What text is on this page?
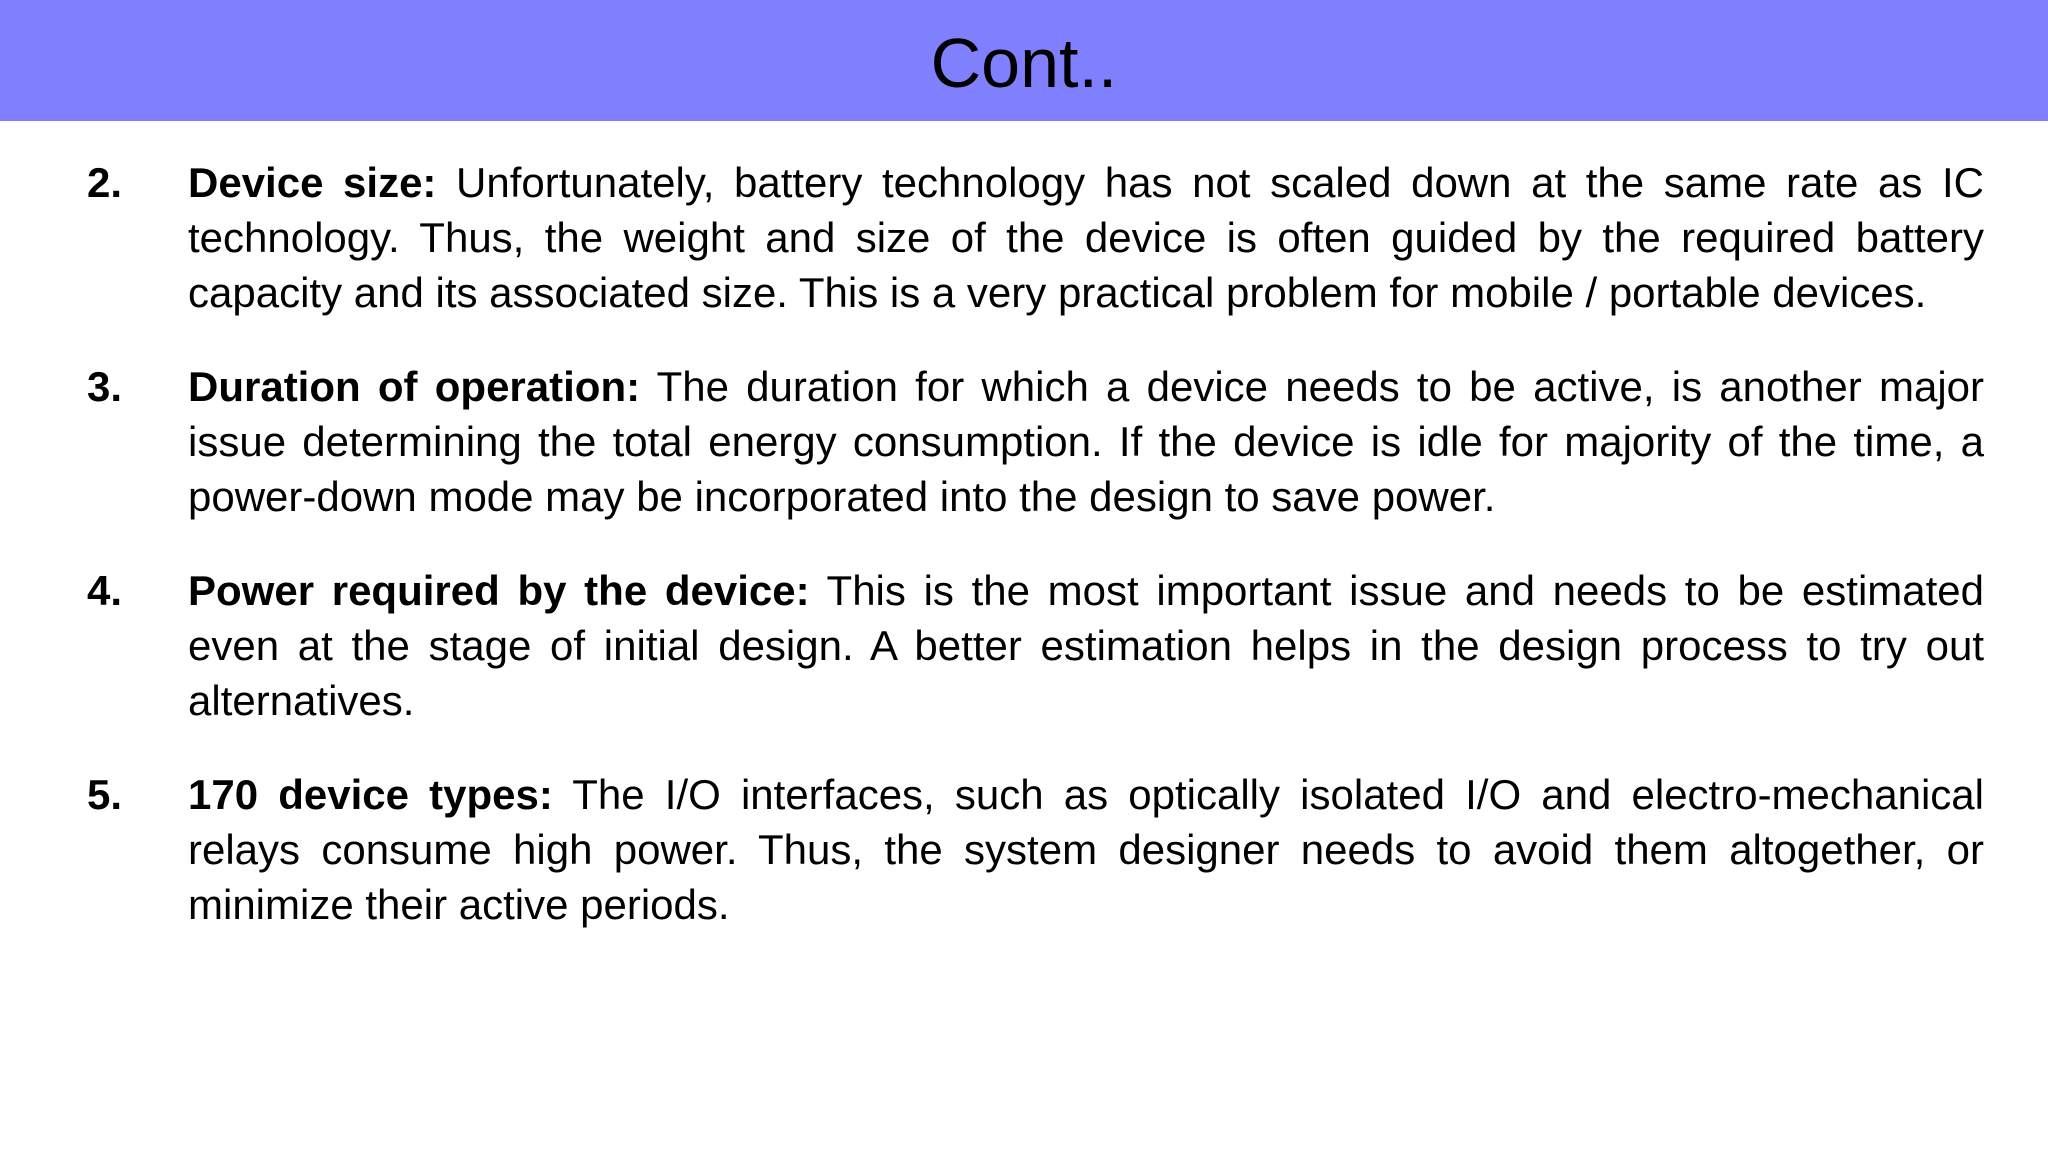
Cont..
2.	Device size: Unfortunately, battery technology has not scaled down at the same rate as IC technology. Thus, the weight and size of the device is often guided by the required battery capacity and its associated size. This is a very practical problem for mobile / portable devices.
3.	Duration of operation: The duration for which a device needs to be active, is another major issue determining the total energy consumption. If the device is idle for majority of the time, a power-down mode may be incorporated into the design to save power.
4.	Power required by the device: This is the most important issue and needs to be estimated even at the stage of initial design. A better estimation helps in the design process to try out alternatives.
5.	170 device types: The I/O interfaces, such as optically isolated I/O and electro-mechanical relays consume high power. Thus, the system designer needs to avoid them altogether, or minimize their active periods.
